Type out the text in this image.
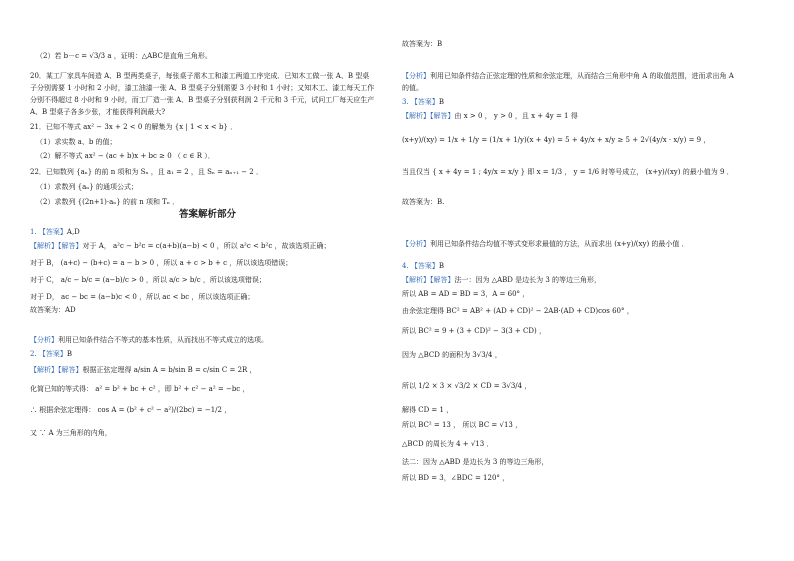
（2）若 b－c = √3/3 a ，证明：△ABC是直角三角形。
20．某工厂家具车间造 A、B 型两类桌子，每张桌子需木工和漆工两道工序完成．已知木工做一张 A、B 型桌
子分别需要 1 小时和 2 小时，漆工油漆一张 A、B 型桌子分别需要 3 小时和 1 小时；又知木工、漆工每天工作
分别不得超过 8 小时和 9 小时，而工厂造一张 A、B 型桌子分别获利润 2 千元和 3 千元，试问工厂每天应生产
A、B 型桌子各多少张，才能获得利润最大?
21．已知不等式 ax² − 3x + 2 < 0 的解集为 {x | 1 < x < b} ．
（1）求实数 a、b 的值；
（2）解不等式 ax² − (ac + b)x + bc ≥ 0 （ c ∈ R ）．
22．已知数列 {aₙ} 的前 n 项和为 Sₙ ，且 a₁ = 2 ，且 Sₙ = aₙ₊₁ − 2 ．
（1）求数列 {aₙ} 的通项公式；
（2）求数列 {(2n+1)·aₙ} 的前 n 项和 Tₙ ．
1. 【答案】A,D
【解析】【解答】对于 A， a²c − b²c = c(a+b)(a−b) < 0 ，所以 a²c < b²c ，故该选项正确；
对于 B， (a+c) − (b+c) = a − b > 0 ，所以 a + c > b + c ，所以该选项错误；
对于 C， a/c − b/c = (a−b)/c > 0 ，所以 a/c > b/c ，所以该选项错误；
对于 D， ac − bc = (a−b)c < 0 ，所以 ac < bc ，所以该选项正确；
故答案为：AD
【分析】利用已知条件结合不等式的基本性质，从而找出不等式成立的选项。
2. 【答案】B
【解析】【解答】根据正弦定理得 a/sin A = b/sin B = c/sin C = 2R ，
化简已知的等式得： a² = b² + bc + c² ，即 b² + c² − a² = −bc ，
∴ 根据余弦定理得： cos A = (b² + c² − a²)/(2bc) = −1/2 ，
又 ∵ A 为三角形的内角，
故答案为：B
【分析】利用已知条件结合正弦定理的性质和余弦定理，从而结合三角形中角 A 的取值范围，进而求出角 A
的值。
3. 【答案】B
【解析】【解答】由 x > 0 ， y > 0 ，且 x + 4y = 1 得
(x+y)/(xy) = 1/x + 1/y = (1/x + 1/y)(x + 4y) = 5 + 4y/x + x/y ≥ 5 + 2√(4y/x · x/y) = 9 ，
当且仅当 { x + 4y = 1 ; 4y/x = x/y } 即 x = 1/3 ， y = 1/6 时等号成立， (x+y)/(xy) 的最小值为 9 ．
故答案为：B.
【分析】利用已知条件结合均值不等式变形求最值的方法，从而求出 (x+y)/(xy) 的最小值 ．
4. 【答案】B
【解析】【解答】法一：因为 △ABD 是边长为 3 的等边三角形，
所以 AB = AD = BD = 3，A = 60° ，
由余弦定理得 BC² = AB² + (AD + CD)² − 2AB·(AD + CD)cos 60° ，
所以 BC² = 9 + (3 + CD)² − 3(3 + CD) ，
因为 △BCD 的面积为 3√3/4 ，
所以 1/2 × 3 × √3/2 × CD = 3√3/4 ，
解得 CD = 1 ，
所以 BC² = 13 ， 所以 BC = √13 ，
△BCD 的周长为 4 + √13 ．
法二：因为 △ABD 是边长为 3 的等边三角形，
所以 BD = 3，∠BDC = 120° ，
答案解析部分
